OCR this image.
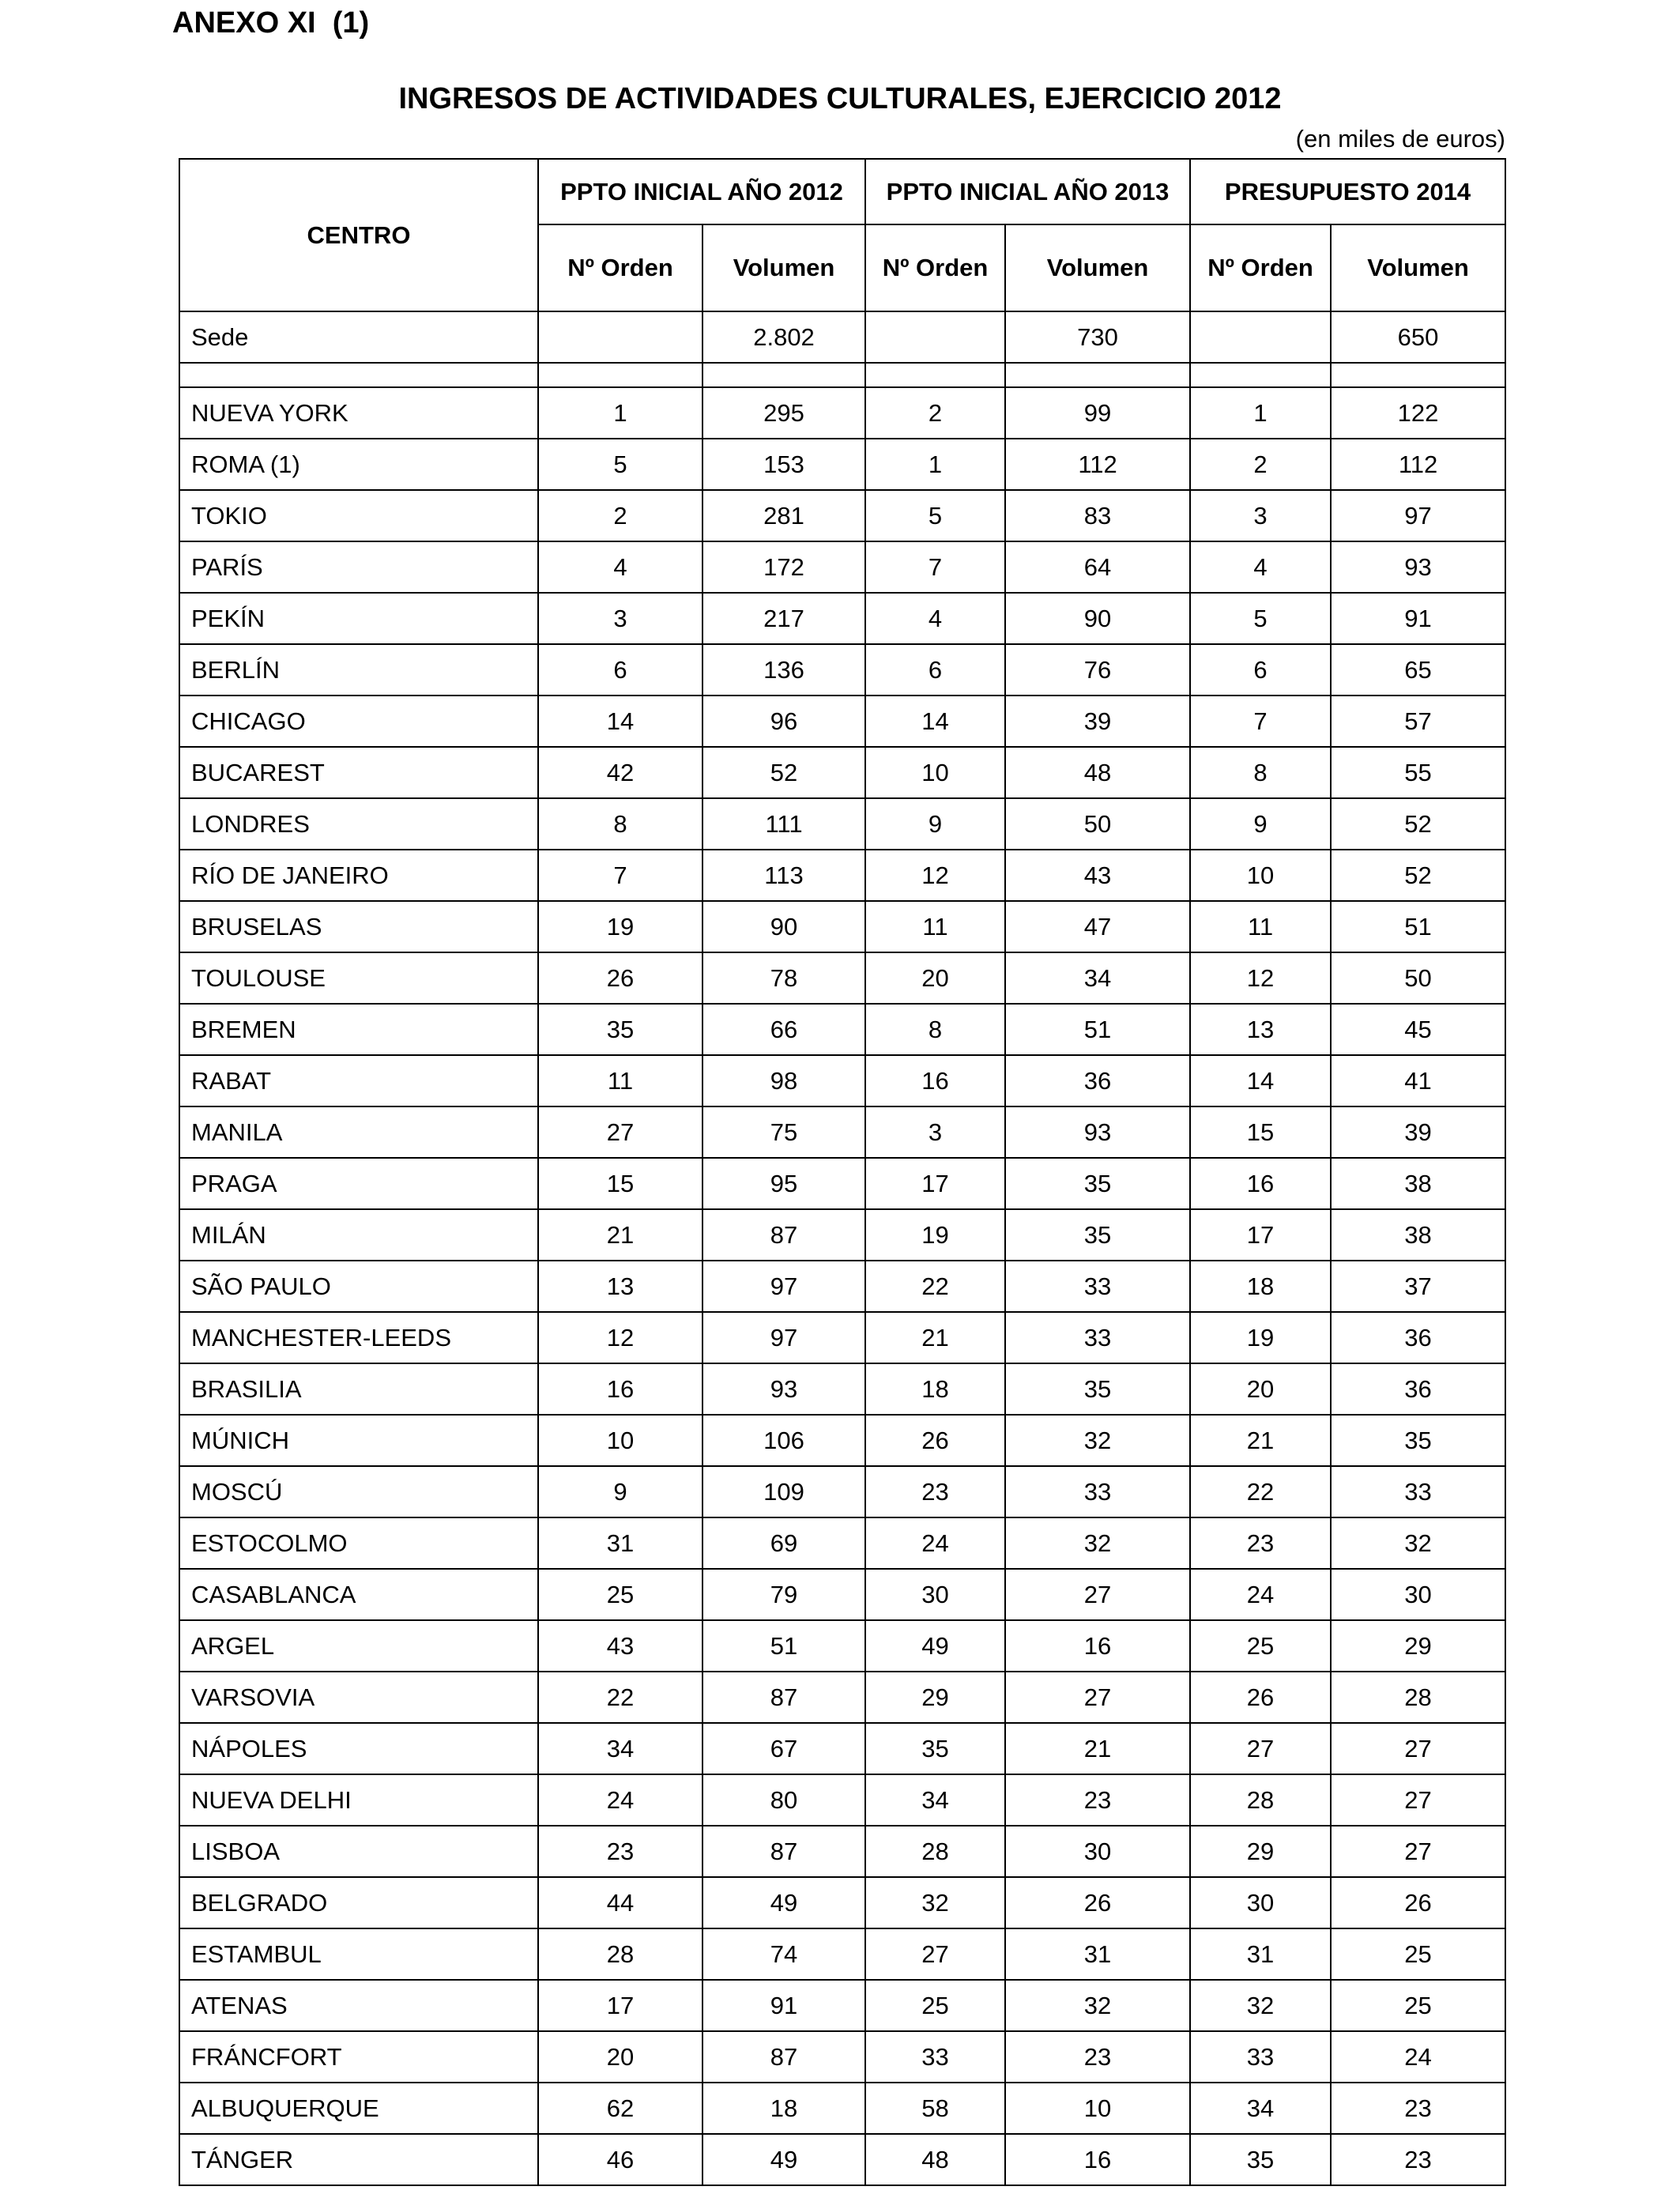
ANEXO XI  (1)
INGRESOS DE ACTIVIDADES CULTURALES, EJERCICIO 2012
(en miles de euros)
CENTRO	PPTO INICIAL AÑO 2012		PPTO INICIAL AÑO 2013		PRESUPUESTO 2014	
	Nº Orden	Volumen	Nº Orden	Volumen	Nº Orden	Volumen
Sede		2.802		730		650

NUEVA YORK	1	295	2	99	1	122
ROMA (1)	5	153	1	112	2	112
TOKIO	2	281	5	83	3	97
PARÍS	4	172	7	64	4	93
PEKÍN	3	217	4	90	5	91
BERLÍN	6	136	6	76	6	65
CHICAGO	14	96	14	39	7	57
BUCAREST	42	52	10	48	8	55
LONDRES	8	111	9	50	9	52
RÍO DE JANEIRO	7	113	12	43	10	52
BRUSELAS	19	90	11	47	11	51
TOULOUSE	26	78	20	34	12	50
BREMEN	35	66	8	51	13	45
RABAT	11	98	16	36	14	41
MANILA	27	75	3	93	15	39
PRAGA	15	95	17	35	16	38
MILÁN	21	87	19	35	17	38
SÃO PAULO	13	97	22	33	18	37
MANCHESTER-LEEDS	12	97	21	33	19	36
BRASILIA	16	93	18	35	20	36
MÚNICH	10	106	26	32	21	35
MOSCÚ	9	109	23	33	22	33
ESTOCOLMO	31	69	24	32	23	32
CASABLANCA	25	79	30	27	24	30
ARGEL	43	51	49	16	25	29
VARSOVIA	22	87	29	27	26	28
NÁPOLES	34	67	35	21	27	27
NUEVA DELHI	24	80	34	23	28	27
LISBOA	23	87	28	30	29	27
BELGRADO	44	49	32	26	30	26
ESTAMBUL	28	74	27	31	31	25
ATENAS	17	91	25	32	32	25
FRÁNCFORT	20	87	33	23	33	24
ALBUQUERQUE	62	18	58	10	34	23
TÁNGER	46	49	48	16	35	23
